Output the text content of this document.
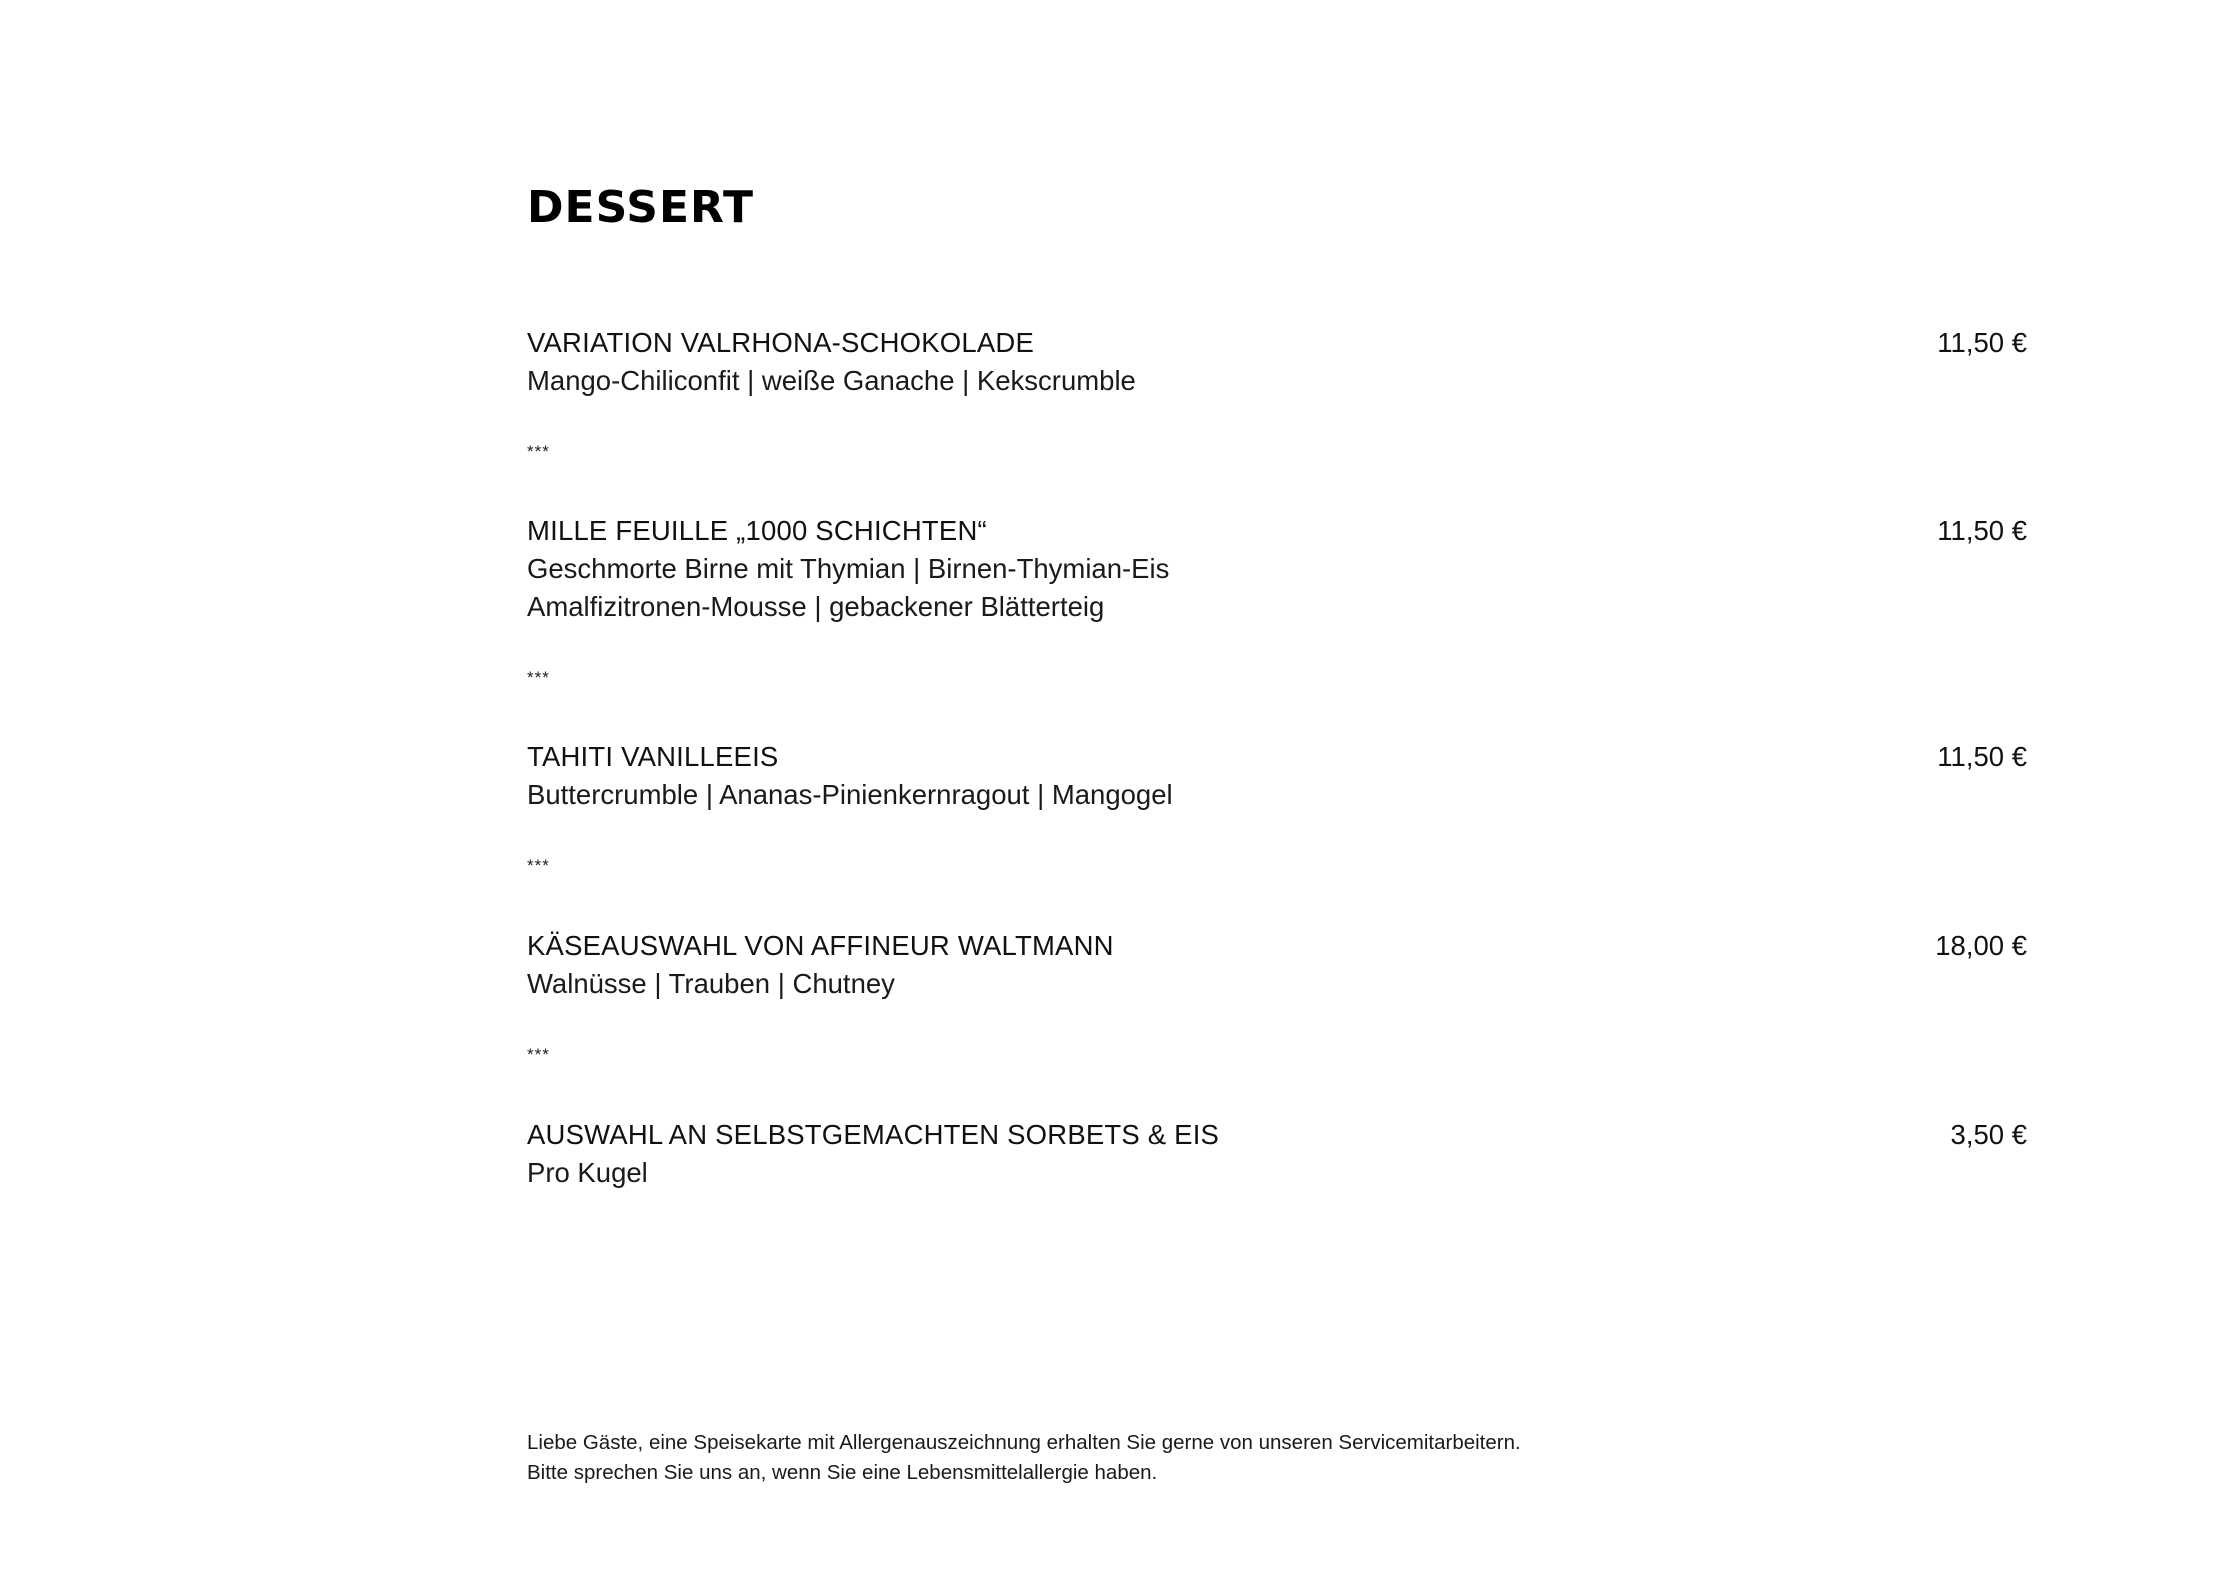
DESSERT
VARIATION VALRHONA-SCHOKOLADE
Mango-Chiliconfit | weiße Ganache | Kekscrumble
11,50 €
***
MILLE FEUILLE „1000 SCHICHTEN“
Geschmorte Birne mit Thymian | Birnen-Thymian-Eis
Amalfizitronen-Mousse | gebackener Blätterteig
11,50 €
***
TAHITI VANILLEEIS
Buttercrumble | Ananas-Pinienkernragout | Mangogel
11,50 €
***
KÄSEAUSWAHL VON AFFINEUR WALTMANN
Walnüsse | Trauben | Chutney
18,00 €
***
AUSWAHL AN SELBSTGEMACHTEN SORBETS & EIS
Pro Kugel
3,50 €
Liebe Gäste, eine Speisekarte mit Allergenauszeichnung erhalten Sie gerne von unseren Servicemitarbeitern.
Bitte sprechen Sie uns an, wenn Sie eine Lebensmittelallergie haben.
